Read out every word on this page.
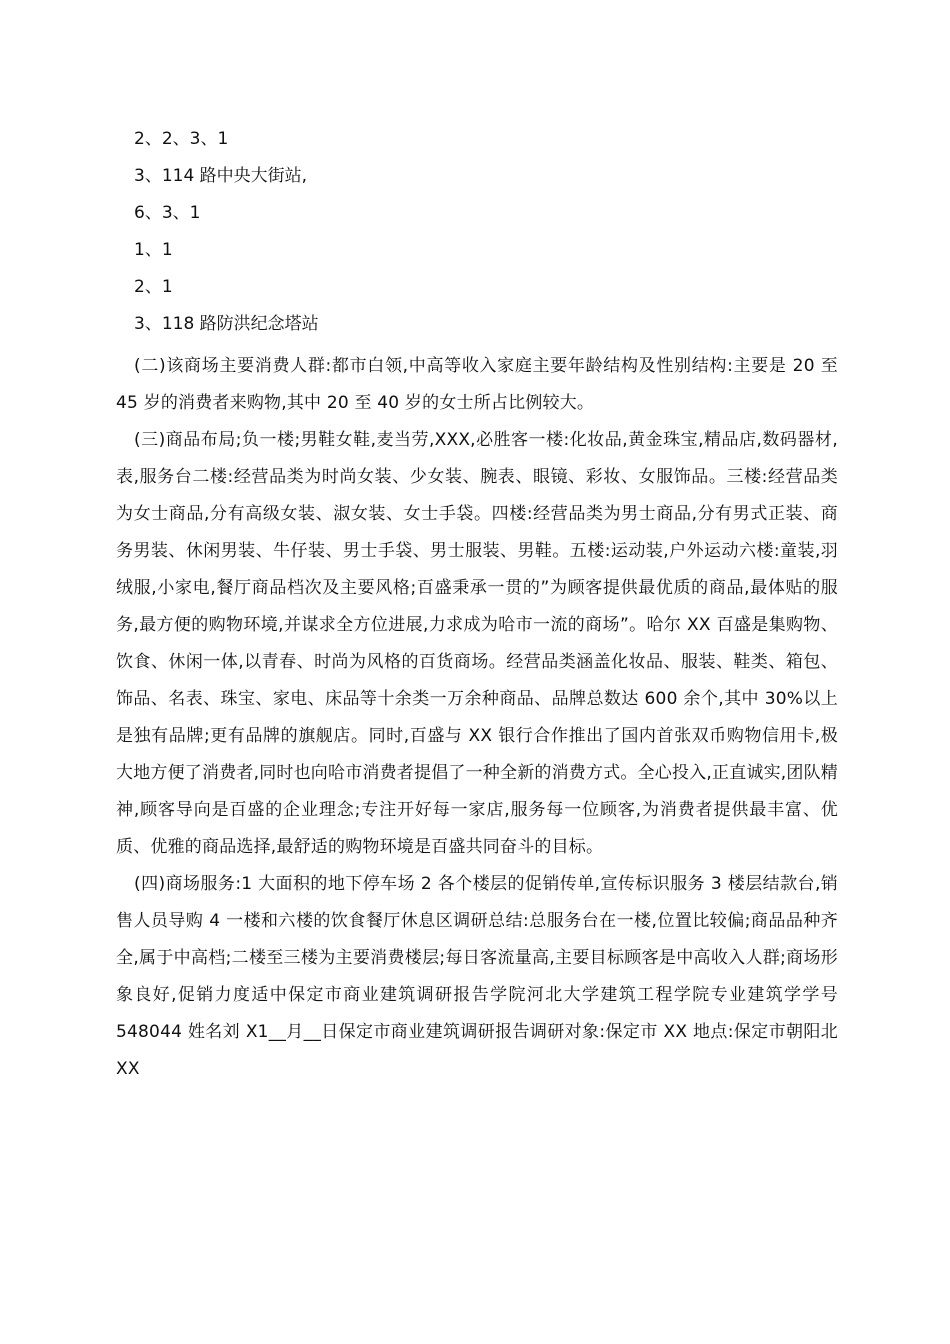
2、2、3、1
3、114 路中央大街站,
6、3、1
1、1
2、1
3、118 路防洪纪念塔站

(二)该商场主要消费人群:都市白领,中高等收入家庭主要年龄结构及性别结构:主要是 20 至 45 岁的消费者来购物,其中 20 至 40 岁的女士所占比例较大。

(三)商品布局;负一楼;男鞋女鞋,麦当劳,XXX,必胜客一楼:化妆品,黄金珠宝,精品店,数码器材,表,服务台二楼:经营品类为时尚女装、少女装、腕表、眼镜、彩妆、女服饰品。三楼:经营品类为女士商品,分有高级女装、淑女装、女士手袋。四楼:经营品类为男士商品,分有男式正装、商务男装、休闲男装、牛仔装、男士手袋、男士服装、男鞋。五楼:运动装,户外运动六楼:童装,羽绒服,小家电,餐厅商品档次及主要风格;百盛秉承一贯的”为顾客提供最优质的商品,最体贴的服务,最方便的购物环境,并谋求全方位进展,力求成为哈市一流的商场”。哈尔 XX 百盛是集购物、饮食、休闲一体,以青春、时尚为风格的百货商场。经营品类涵盖化妆品、服装、鞋类、箱包、饰品、名表、珠宝、家电、床品等十余类一万余种商品、品牌总数达 600 余个,其中 30%以上是独有品牌;更有品牌的旗舰店。同时,百盛与 XX 银行合作推出了国内首张双币购物信用卡,极大地方便了消费者,同时也向哈市消费者提倡了一种全新的消费方式。全心投入,正直诚实,团队精神,顾客导向是百盛的企业理念;专注开好每一家店,服务每一位顾客,为消费者提供最丰富、优质、优雅的商品选择,最舒适的购物环境是百盛共同奋斗的目标。

(四)商场服务:1 大面积的地下停车场 2 各个楼层的促销传单,宣传标识服务 3 楼层结款台,销售人员导购 4 一楼和六楼的饮食餐厅休息区调研总结:总服务台在一楼,位置比较偏;商品品种齐全,属于中高档;二楼至三楼为主要消费楼层;每日客流量高,主要目标顾客是中高收入人群;商场形象良好,促销力度适中保定市商业建筑调研报告学院河北大学建筑工程学院专业建筑学学号 548044 姓名刘 X1__月__日保定市商业建筑调研报告调研对象:保定市 XX 地点:保定市朝阳北 XX
